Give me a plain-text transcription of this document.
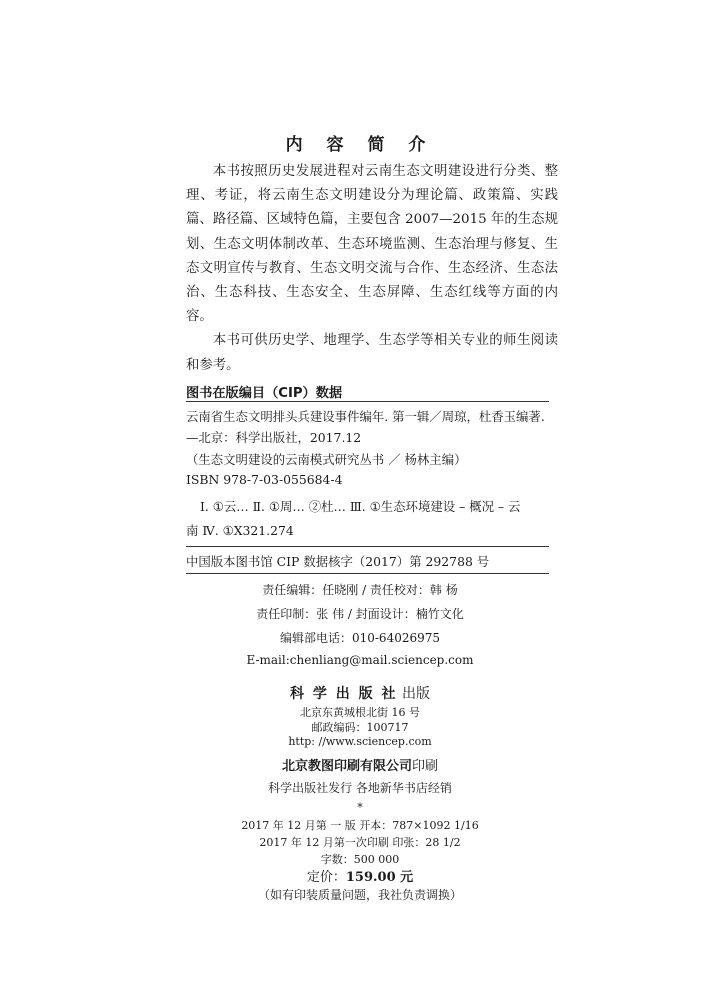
内 容 简 介

本书按照历史发展进程对云南生态文明建设进行分类、整理、考证，将云南生态文明建设分为理论篇、政策篇、实践篇、路径篇、区域特色篇，主要包含 2007—2015 年的生态规划、生态文明体制改革、生态环境监测、生态治理与修复、生态文明宣传与教育、生态文明交流与合作、生态经济、生态法治、生态科技、生态安全、生态屏障、生态红线等方面的内容。

本书可供历史学、地理学、生态学等相关专业的师生阅读和参考。

图书在版编目（CIP）数据
云南省生态文明排头兵建设事件编年. 第一辑／周琼，杜香玉编著.
—北京：科学出版社，2017.12
（生态文明建设的云南模式研究丛书 ／ 杨林主编）
ISBN 978-7-03-055684-4
Ⅰ. ①云… Ⅱ. ①周… ②杜… Ⅲ. ①生态环境建设 – 概况 – 云
南 Ⅳ. ①X321.274
中国版本图书馆 CIP 数据核字（2017）第 292788 号
责任编辑：任晓刚 / 责任校对：韩 杨
责任印制：张 伟 / 封面设计：楠竹文化
编辑部电话：010-64026975
E-mail:chenliang@mail.sciencep.com
科 学 出 版 社 出版
北京东黄城根北街 16 号
邮政编码：100717
http: //www.sciencep.com
北京教图印刷有限公司印刷
科学出版社发行 各地新华书店经销
*
2017 年 12 月第 一 版 开本：787×1092 1/16
2017 年 12 月第一次印刷 印张：28 1/2
字数：500 000
定价：159.00 元
（如有印装质量问题，我社负责调换）
